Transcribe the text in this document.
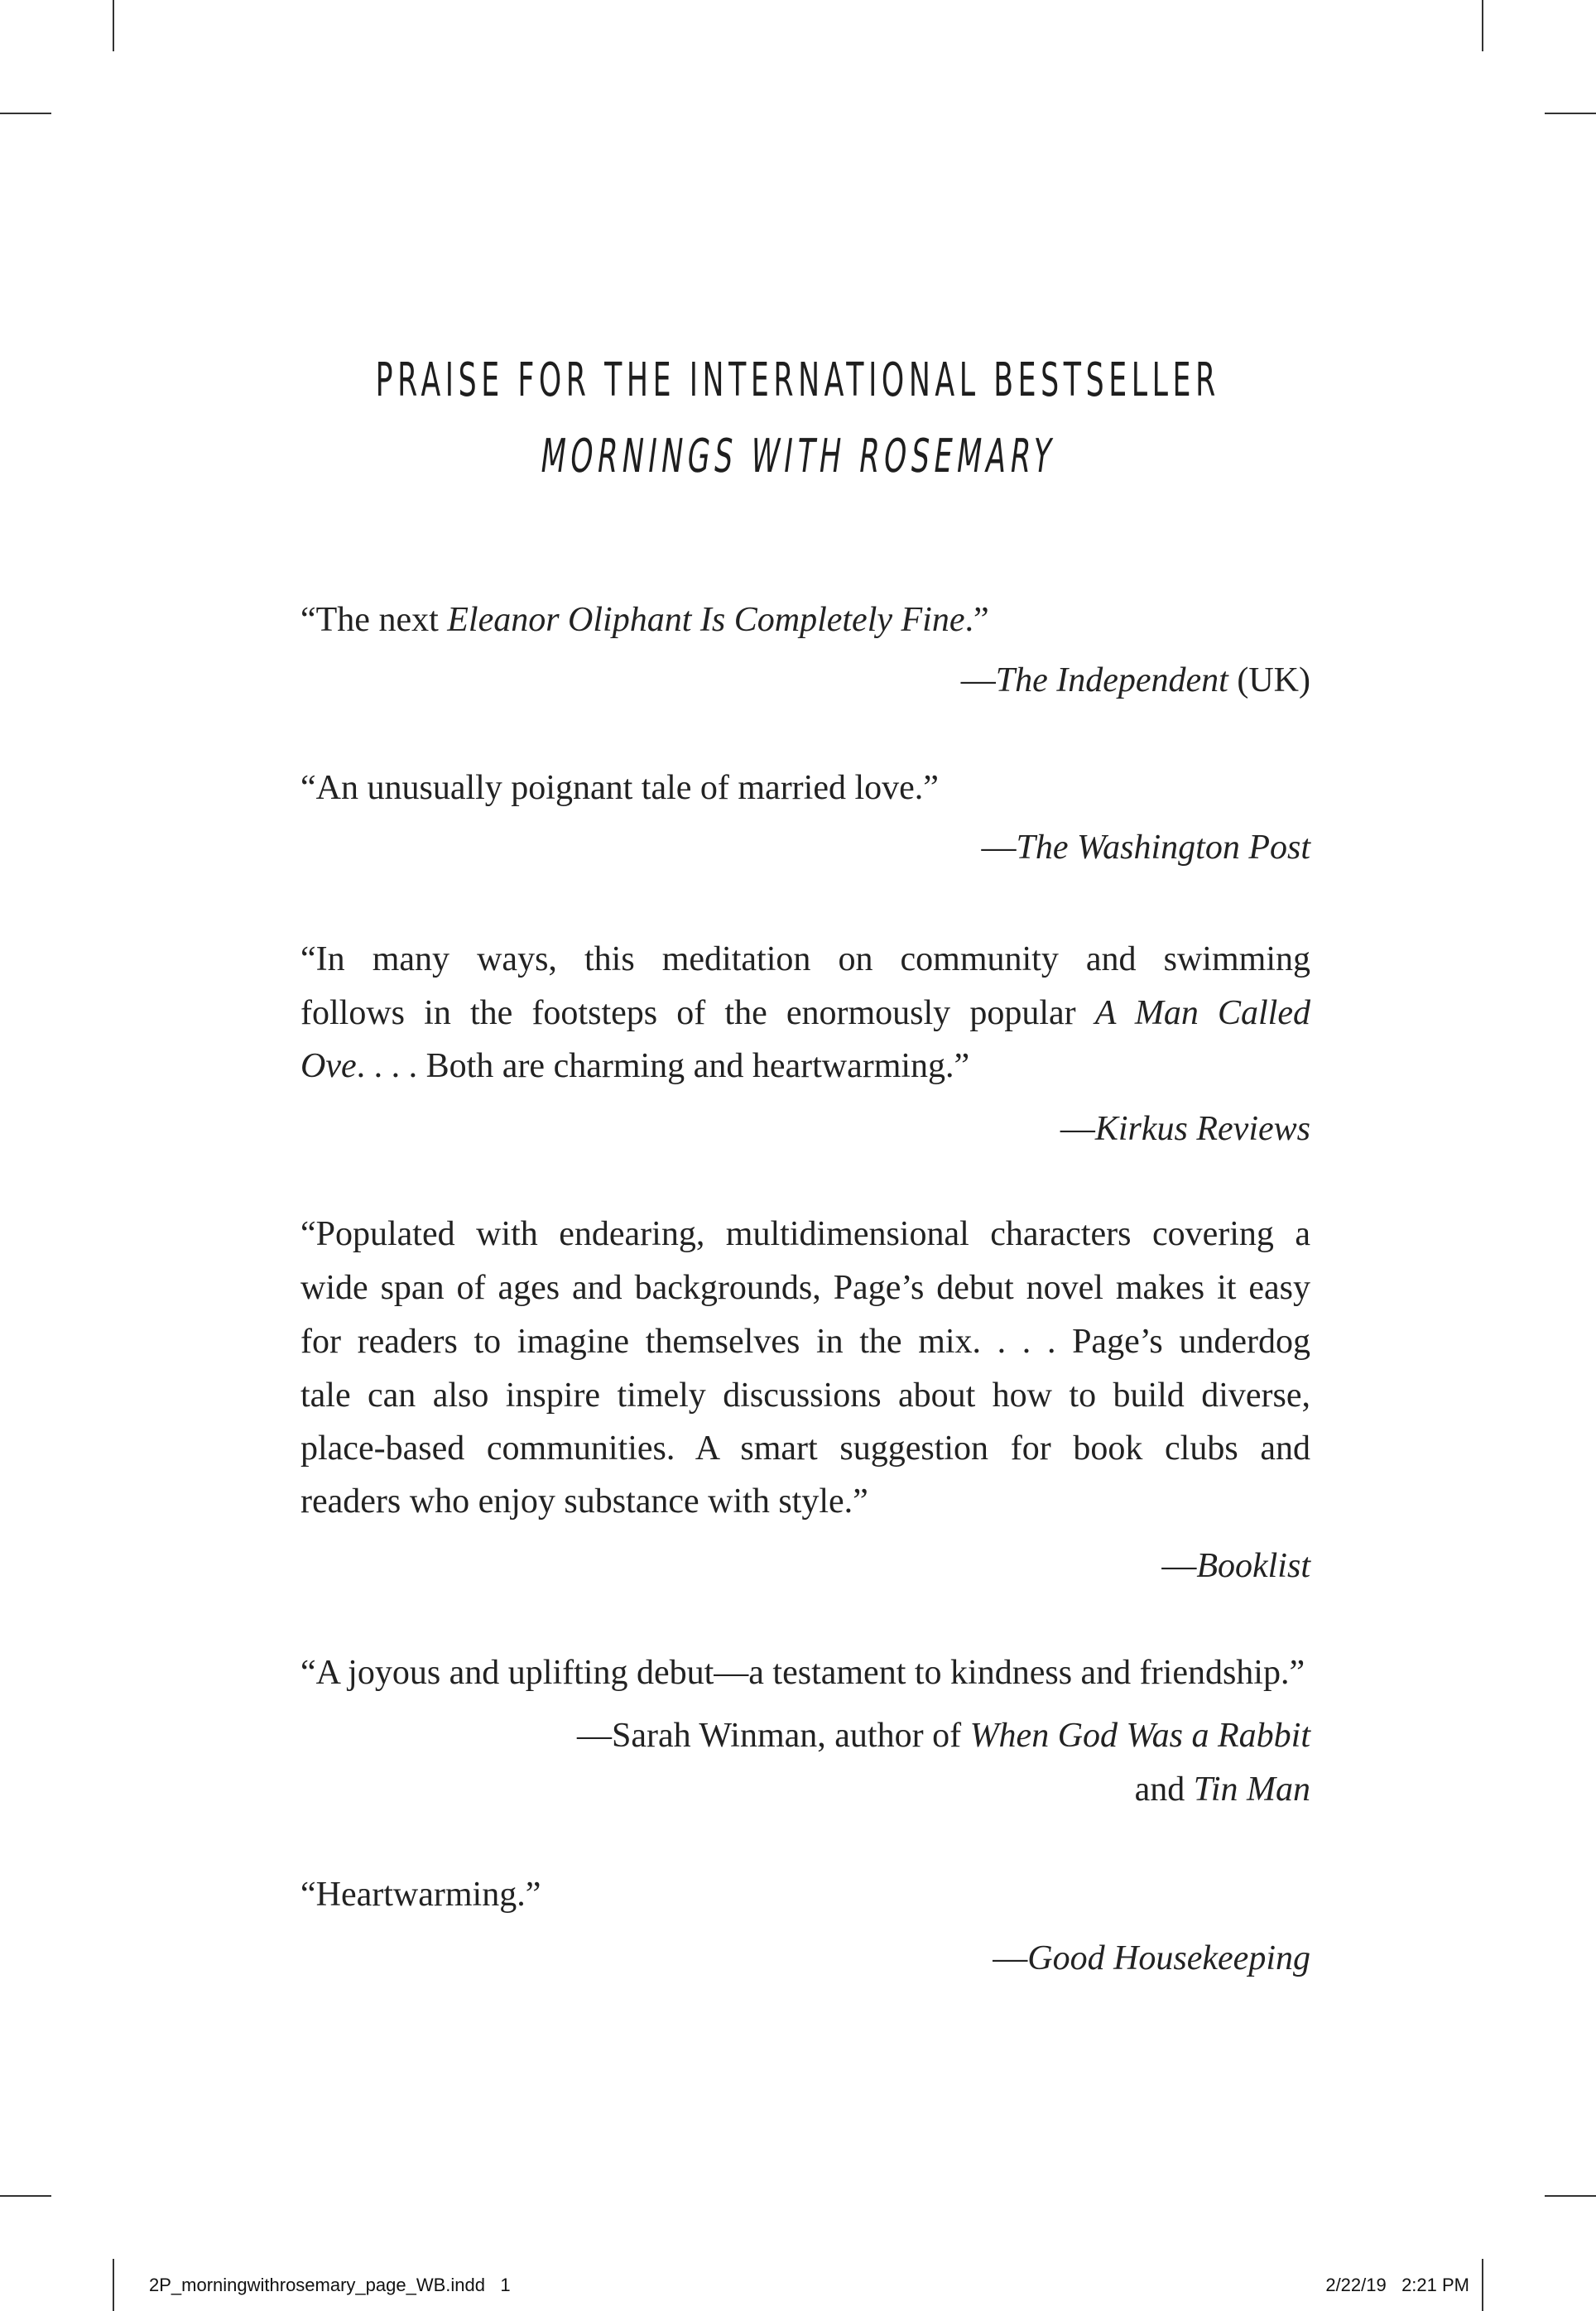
PRAISE FOR THE INTERNATIONAL BESTSELLER
MORNINGS WITH ROSEMARY
“The next Eleanor Oliphant Is Completely Fine.”
—The Independent (UK)
“An unusually poignant tale of married love.”
—The Washington Post
“In many ways, this meditation on community and swimming
follows in the footsteps of the enormously popular A Man Called
Ove. . . . Both are charming and heartwarming.”
—Kirkus Reviews
“Populated with endearing, multidimensional characters covering a
wide span of ages and backgrounds, Page’s debut novel makes it easy
for readers to imagine themselves in the mix. . . . Page’s underdog
tale can also inspire timely discussions about how to build diverse,
place-based communities. A smart suggestion for book clubs and
readers who enjoy substance with style.”
—Booklist
“A joyous and uplifting debut—a testament to kindness and friendship.”
—Sarah Winman, author of When God Was a Rabbit
and Tin Man
“Heartwarming.”
—Good Housekeeping
2P_morningwithrosemary_page_WB.indd   1	2/22/19   2:21 PM
